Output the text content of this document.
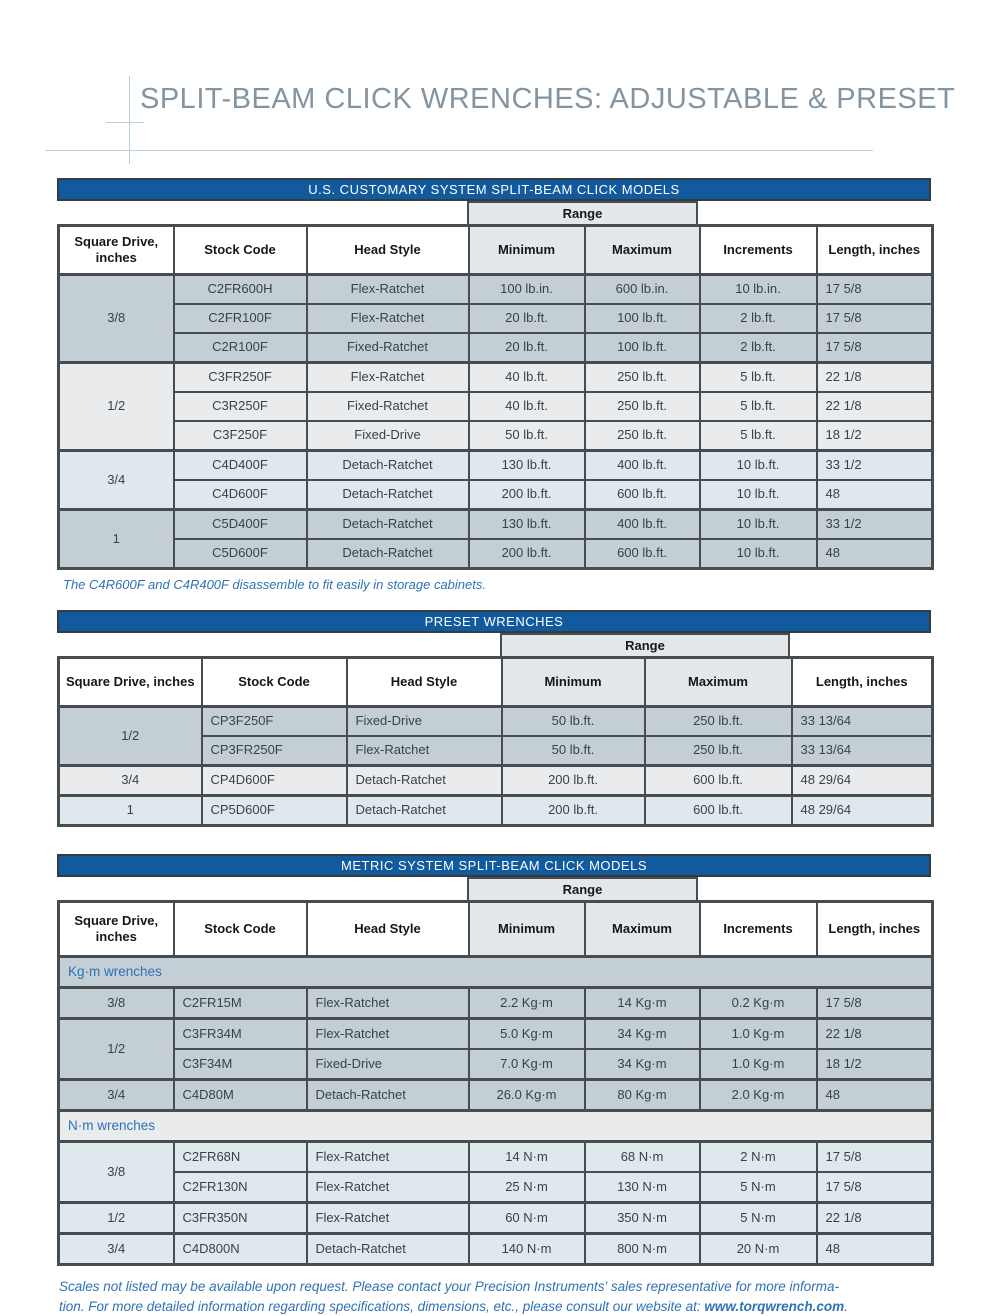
SPLIT-BEAM CLICK WRENCHES: ADJUSTABLE & PRESET
U.S. CUSTOMARY SYSTEM SPLIT-BEAM CLICK MODELS
Range
Square Drive, inches	Stock Code	Head Style	Minimum	Maximum	Increments	Length, inches
3/8	C2FR600H	Flex-Ratchet	100 lb.in.	600 lb.in.	10 lb.in.	17 5/8
	C2FR100F	Flex-Ratchet	20 lb.ft.	100 lb.ft.	2 lb.ft.	17 5/8
	C2R100F	Fixed-Ratchet	20 lb.ft.	100 lb.ft.	2 lb.ft.	17 5/8
1/2	C3FR250F	Flex-Ratchet	40 lb.ft.	250 lb.ft.	5 lb.ft.	22 1/8
	C3R250F	Fixed-Ratchet	40 lb.ft.	250 lb.ft.	5 lb.ft.	22 1/8
	C3F250F	Fixed-Drive	50 lb.ft.	250 lb.ft.	5 lb.ft.	18 1/2
3/4	C4D400F	Detach-Ratchet	130 lb.ft.	400 lb.ft.	10 lb.ft.	33 1/2
	C4D600F	Detach-Ratchet	200 lb.ft.	600 lb.ft.	10 lb.ft.	48
1	C5D400F	Detach-Ratchet	130 lb.ft.	400 lb.ft.	10 lb.ft.	33 1/2
	C5D600F	Detach-Ratchet	200 lb.ft.	600 lb.ft.	10 lb.ft.	48
The C4R600F and C4R400F disassemble to fit easily in storage cabinets.
PRESET WRENCHES
Range
Square Drive, inches	Stock Code	Head Style	Minimum	Maximum	Length, inches
1/2	CP3F250F	Fixed-Drive	50 lb.ft.	250 lb.ft.	33 13/64
	CP3FR250F	Flex-Ratchet	50 lb.ft.	250 lb.ft.	33 13/64
3/4	CP4D600F	Detach-Ratchet	200 lb.ft.	600 lb.ft.	48 29/64
1	CP5D600F	Detach-Ratchet	200 lb.ft.	600 lb.ft.	48 29/64
METRIC SYSTEM SPLIT-BEAM CLICK MODELS
Range
Square Drive, inches	Stock Code	Head Style	Minimum	Maximum	Increments	Length, inches
Kg·m wrenches						
3/8	C2FR15M	Flex-Ratchet	2.2 Kg·m	14 Kg·m	0.2 Kg·m	17 5/8
1/2	C3FR34M	Flex-Ratchet	5.0 Kg·m	34 Kg·m	1.0 Kg·m	22 1/8
	C3F34M	Fixed-Drive	7.0 Kg·m	34 Kg·m	1.0 Kg·m	18 1/2
3/4	C4D80M	Detach-Ratchet	26.0 Kg·m	80 Kg·m	2.0 Kg·m	48
N·m wrenches						
3/8	C2FR68N	Flex-Ratchet	14 N·m	68 N·m	2 N·m	17 5/8
	C2FR130N	Flex-Ratchet	25 N·m	130 N·m	5 N·m	17 5/8
1/2	C3FR350N	Flex-Ratchet	60 N·m	350 N·m	5 N·m	22 1/8
3/4	C4D800N	Detach-Ratchet	140 N·m	800 N·m	20 N·m	48
Scales not listed may be available upon request. Please contact your Precision Instruments' sales representative for more informa-
tion. For more detailed information regarding specifications, dimensions, etc., please consult our website at: www.torqwrench.com.
